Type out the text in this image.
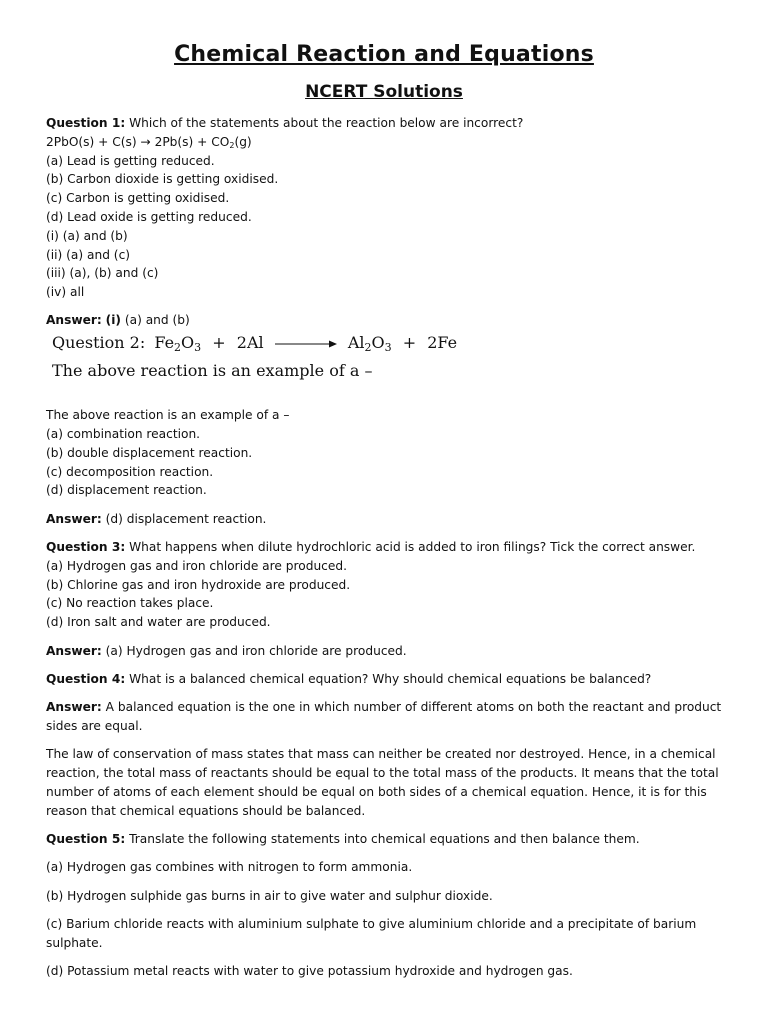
Chemical Reaction and Equations
NCERT Solutions

Question 1: Which of the statements about the reaction below are incorrect?

$2PbO(s) + C(s) \to 2Pb(s) + CO_2(g)$

(a) Lead is getting reduced.

(b) Carbon dioxide is getting oxidised.

(c) Carbon is getting oxidised.

(d) Lead oxide is getting reduced.

(i) (a) and (b)

(ii) (a) and (c)

(iii) (a), (b) and (c)

(iv) all

Answer: (i) (a) and (b)

Question 2: $Fe_2O_3 + 2Al \to Al_2O_3 + 2Fe$
The above reaction is an example of a –

The above reaction is an example of a –

(a) combination reaction.

(b) double displacement reaction.

(c) decomposition reaction.

(d) displacement reaction.

Answer: (d) displacement reaction.

Question 3: What happens when dilute hydrochloric acid is added to iron filings? Tick the correct answer.

(a) Hydrogen gas and iron chloride are produced.

(b) Chlorine gas and iron hydroxide are produced.

(c) No reaction takes place.

(d) Iron salt and water are produced.

Answer: (a) Hydrogen gas and iron chloride are produced.

Question 4: What is a balanced chemical equation? Why should chemical equations be balanced?

Answer: A balanced equation is the one in which number of different atoms on both the reactant and product sides are equal.

The law of conservation of mass states that mass can neither be created nor destroyed. Hence, in a chemical reaction, the total mass of reactants should be equal to the total mass of the products. It means that the total number of atoms of each element should be equal on both sides of a chemical equation. Hence, it is for this reason that chemical equations should be balanced.

Question 5: Translate the following statements into chemical equations and then balance them.

(a) Hydrogen gas combines with nitrogen to form ammonia.

(b) Hydrogen sulphide gas burns in air to give water and sulphur dioxide.

(c) Barium chloride reacts with aluminium sulphate to give aluminium chloride and a precipitate of barium sulphate.

(d) Potassium metal reacts with water to give potassium hydroxide and hydrogen gas.
